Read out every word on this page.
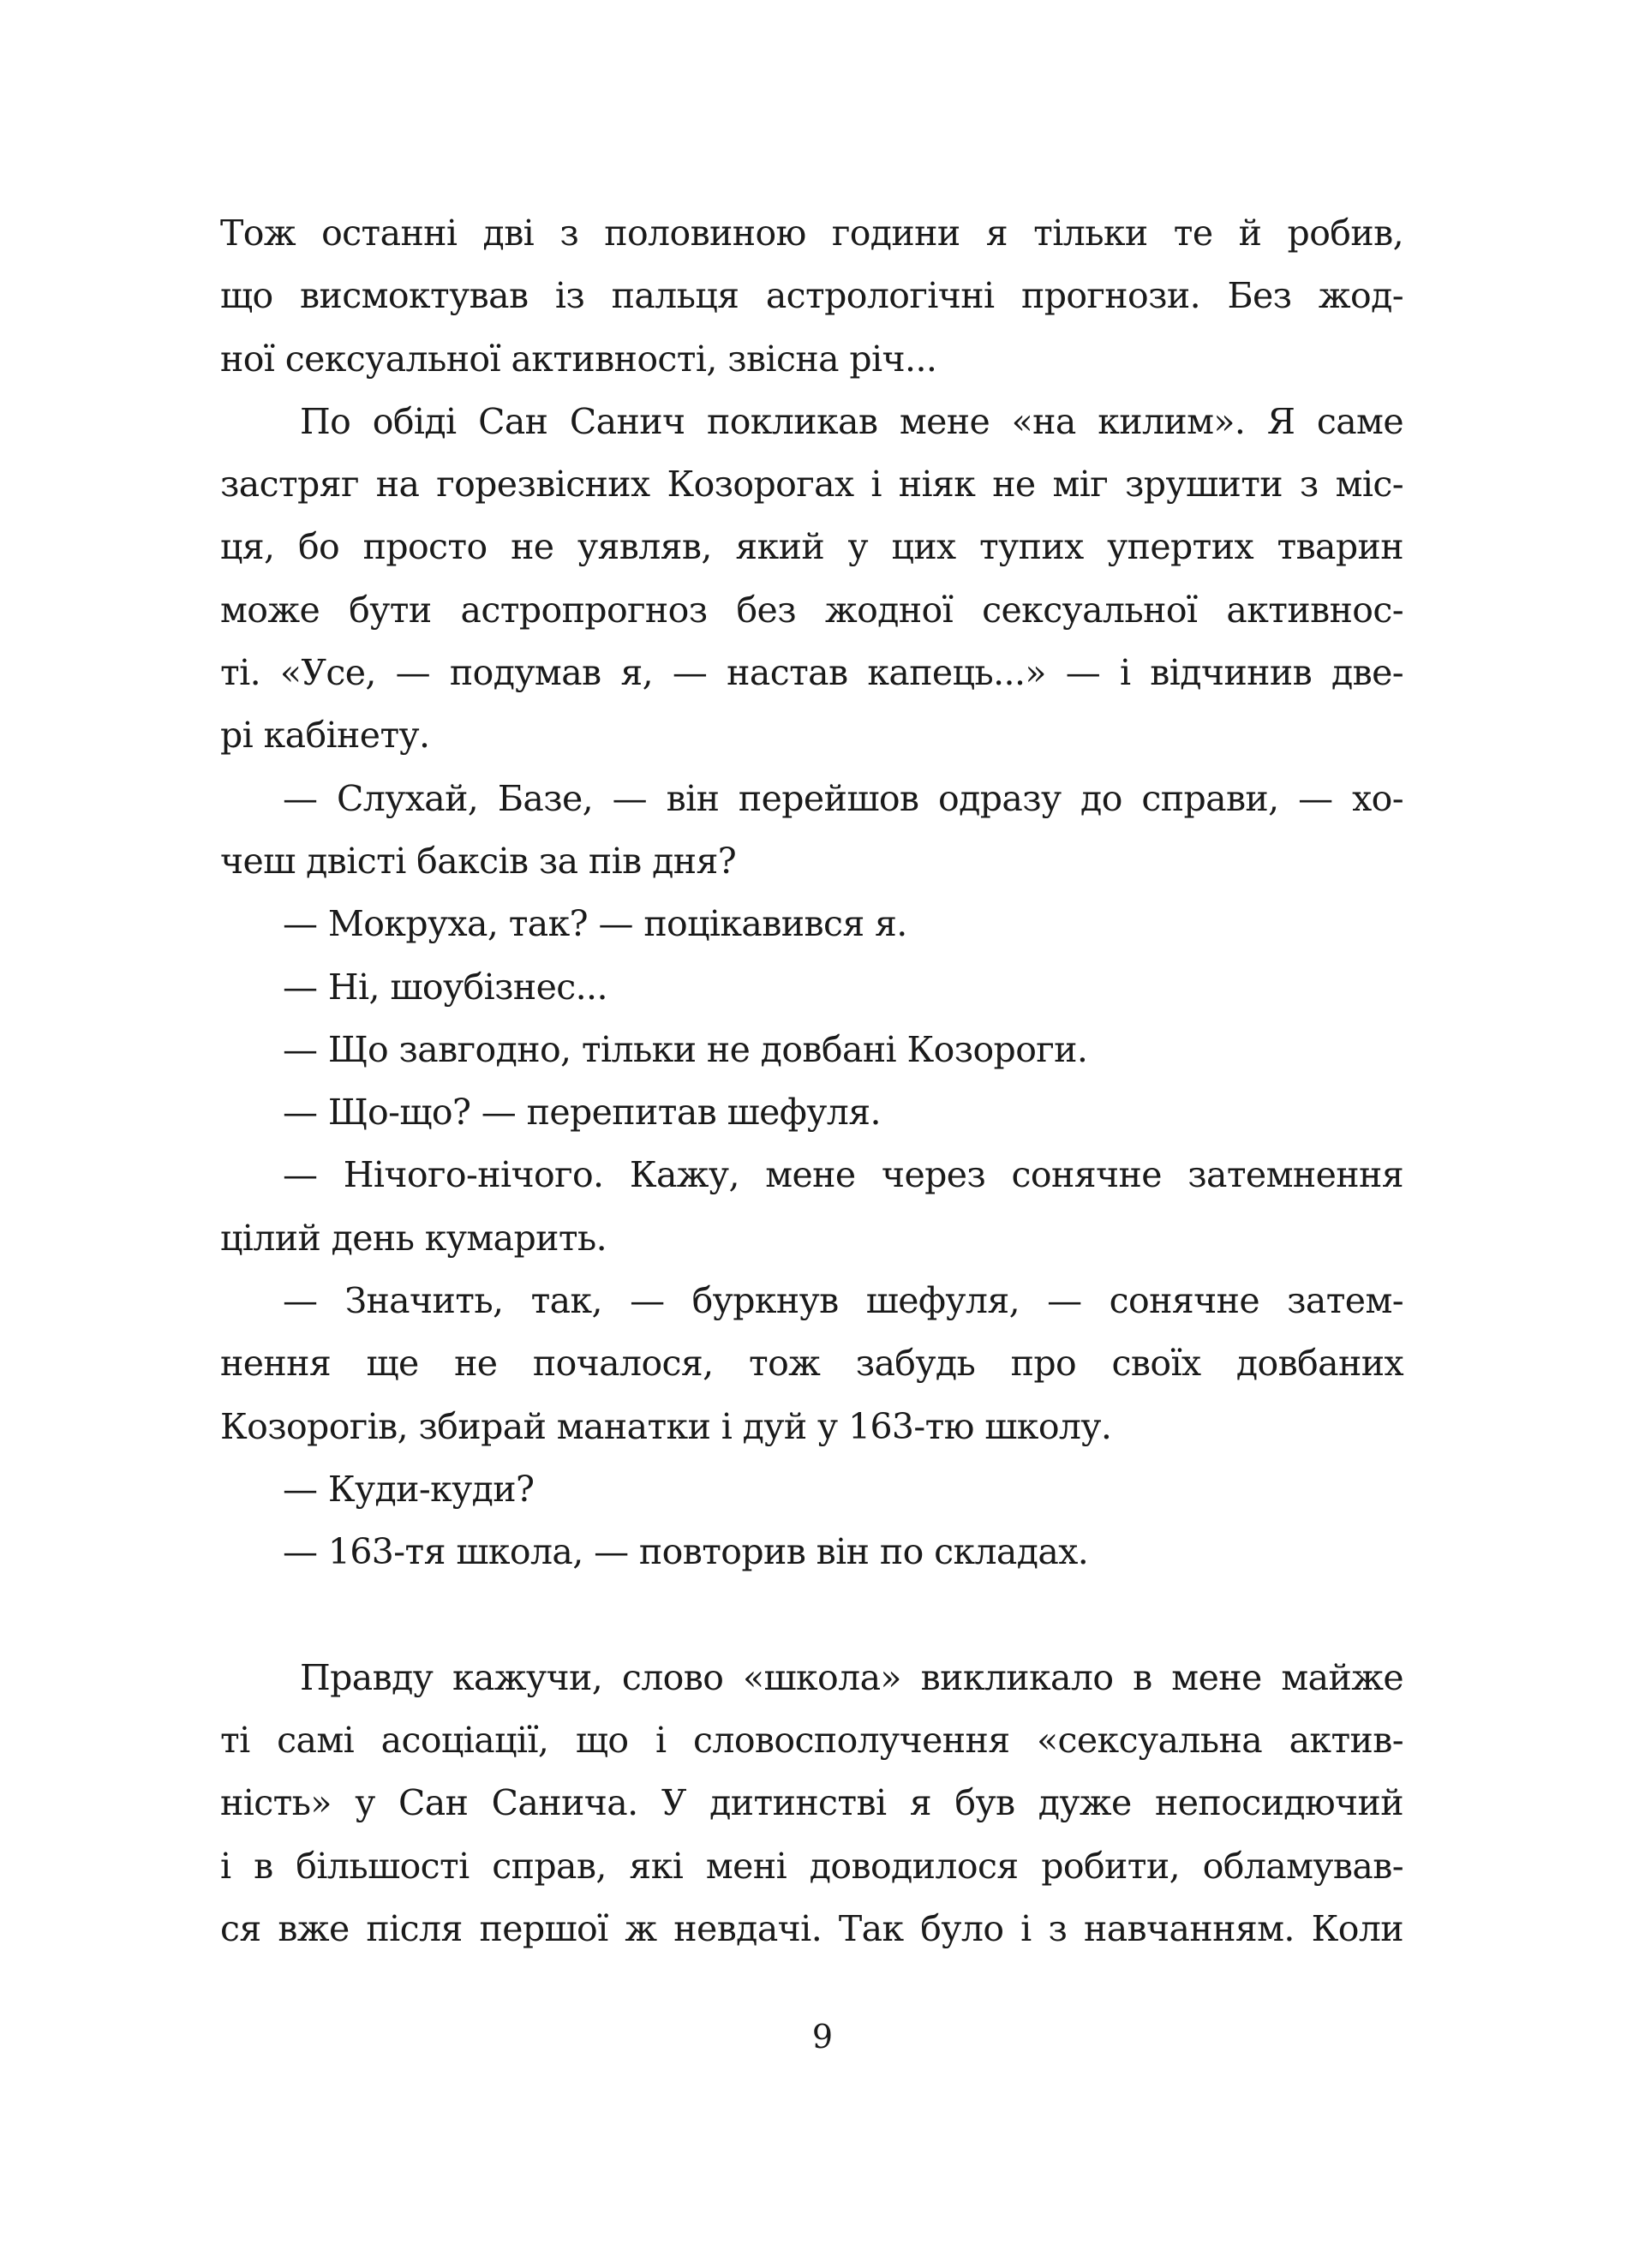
Тож останні дві з половиною години я тільки те й робив,
що висмоктував із пальця астрологічні прогнози. Без жод-
ної сексуальної активності, звісна річ...
По обіді Сан Санич покликав мене «на килим». Я саме
застряг на горезвісних Козорогах і ніяк не міг зрушити з міс-
ця, бо просто не уявляв, який у цих тупих упертих тварин
може бути астропрогноз без жодної сексуальної активнос-
ті. «Усе, — подумав я, — настав капець...» — і відчинив две-
рі кабінету.
— Слухай, Базе, — він перейшов одразу до справи, — хо-
чеш двісті баксів за пів дня?
— Мокруха, так? — поцікавився я.
— Ні, шоубізнес...
— Що завгодно, тільки не довбані Козороги.
— Що-що? — перепитав шефуля.
— Нічого-нічого. Кажу, мене через сонячне затемнення
цілий день кумарить.
— Значить, так, — буркнув шефуля, — сонячне затем-
нення ще не почалося, тож забудь про своїх довбаних
Козорогів, збирай манатки і дуй у 163-тю школу.
— Куди-куди?
— 163-тя школа, — повторив він по складах.
Правду кажучи, слово «школа» викликало в мене майже
ті самі асоціації, що і словосполучення «сексуальна актив-
ність» у Сан Санича. У дитинстві я був дуже непосидючий
і в більшості справ, які мені доводилося робити, обламував-
ся вже після першої ж невдачі. Так було і з навчанням. Коли
9
